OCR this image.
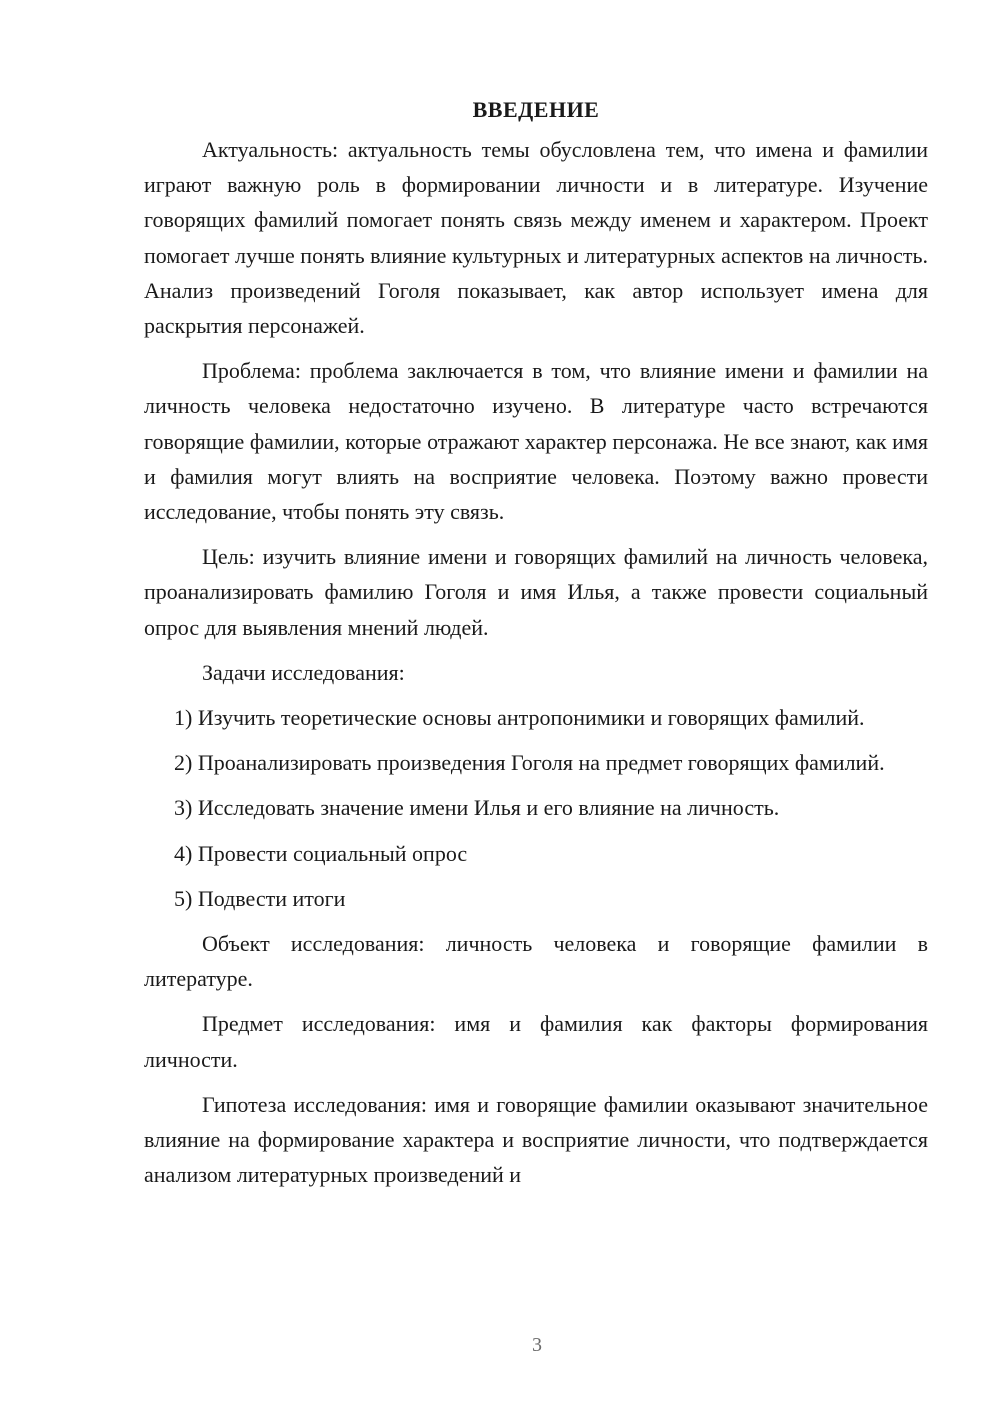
ВВЕДЕНИЕ

Актуальность: актуальность темы обусловлена тем, что имена и фамилии играют важную роль в формировании личности и в литературе. Изучение говорящих фамилий помогает понять связь между именем и характером. Проект помогает лучше понять влияние культурных и литературных аспектов на личность. Анализ произведений Гоголя показывает, как автор использует имена для раскрытия персонажей.

Проблема: проблема заключается в том, что влияние имени и фамилии на личность человека недостаточно изучено. В литературе часто встречаются говорящие фамилии, которые отражают характер персонажа. Не все знают, как имя и фамилия могут влиять на восприятие человека. Поэтому важно провести исследование, чтобы понять эту связь.

Цель: изучить влияние имени и говорящих фамилий на личность человека, проанализировать фамилию Гоголя и имя Илья, а также провести социальный опрос для выявления мнений людей.

Задачи исследования:

1) Изучить теоретические основы антропонимики и говорящих фамилий.

2) Проанализировать произведения Гоголя на предмет говорящих фамилий.

3) Исследовать значение имени Илья и его влияние на личность.

4) Провести социальный опрос

5) Подвести итоги

Объект исследования: личность человека и говорящие фамилии в литературе.

Предмет исследования: имя и фамилия как факторы формирования личности.

Гипотеза исследования: имя и говорящие фамилии оказывают значительное влияние на формирование характера и восприятие личности, что подтверждается анализом литературных произведений и

3
